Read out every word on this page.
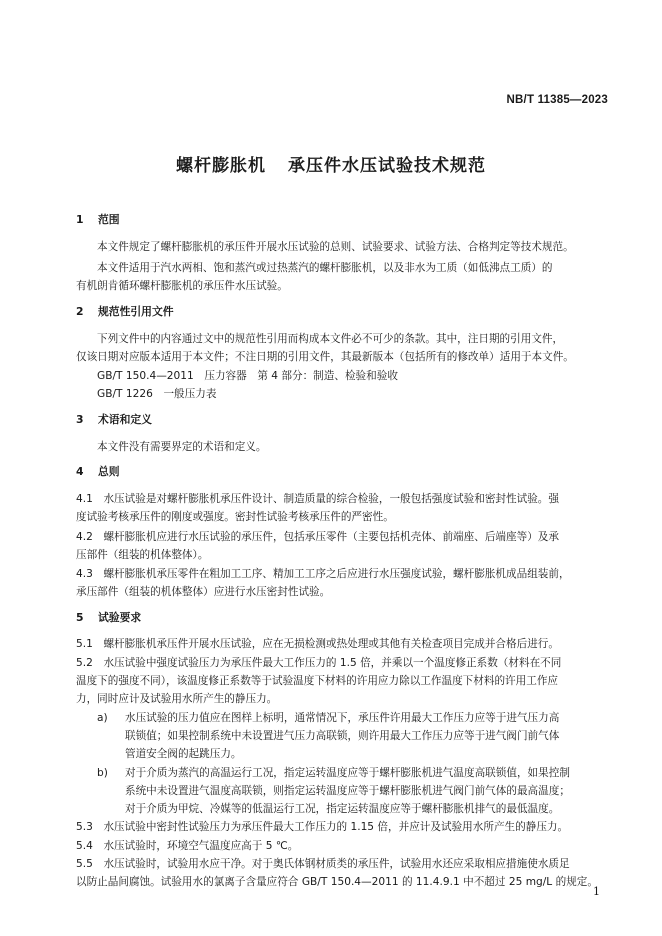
NB/T 11385—2023
螺杆膨胀机 承压件水压试验技术规范
1 范围
本文件规定了螺杆膨胀机的承压件开展水压试验的总则、试验要求、试验方法、合格判定等技术规范。
本文件适用于汽水两相、饱和蒸汽或过热蒸汽的螺杆膨胀机，以及非水为工质（如低沸点工质）的
有机朗肯循环螺杆膨胀机的承压件水压试验。
2 规范性引用文件
下列文件中的内容通过文中的规范性引用而构成本文件必不可少的条款。其中，注日期的引用文件，
仅该日期对应版本适用于本文件；不注日期的引用文件，其最新版本（包括所有的修改单）适用于本文件。
GB/T 150.4—2011　压力容器　第 4 部分：制造、检验和验收
GB/T 1226　一般压力表
3 术语和定义
本文件没有需要界定的术语和定义。
4 总则
4.1　水压试验是对螺杆膨胀机承压件设计、制造质量的综合检验，一般包括强度试验和密封性试验。强
度试验考核承压件的刚度或强度。密封性试验考核承压件的严密性。
4.2　螺杆膨胀机应进行水压试验的承压件，包括承压零件（主要包括机壳体、前端座、后端座等）及承
压部件（组装的机体整体）。
4.3　螺杆膨胀机承压零件在粗加工工序、精加工工序之后应进行水压强度试验，螺杆膨胀机成品组装前，
承压部件（组装的机体整体）应进行水压密封性试验。
5 试验要求
5.1　螺杆膨胀机承压件开展水压试验，应在无损检测或热处理或其他有关检查项目完成并合格后进行。
5.2　水压试验中强度试验压力为承压件最大工作压力的 1.5 倍，并乘以一个温度修正系数（材料在不同
温度下的强度不同），该温度修正系数等于试验温度下材料的许用应力除以工作温度下材料的许用工作应
力，同时应计及试验用水所产生的静压力。
a) 水压试验的压力值应在图样上标明，通常情况下，承压件许用最大工作压力应等于进气压力高
联锁值；如果控制系统中未设置进气压力高联锁，则许用最大工作压力应等于进气阀门前气体
管道安全阀的起跳压力。
b) 对于介质为蒸汽的高温运行工况，指定运转温度应等于螺杆膨胀机进气温度高联锁值，如果控制
系统中未设置进气温度高联锁，则指定运转温度应等于螺杆膨胀机进气阀门前气体的最高温度；
对于介质为甲烷、冷媒等的低温运行工况，指定运转温度应等于螺杆膨胀机排气的最低温度。
5.3　水压试验中密封性试验压力为承压件最大工作压力的 1.15 倍，并应计及试验用水所产生的静压力。
5.4　水压试验时，环境空气温度应高于 5 ℃。
5.5　水压试验时，试验用水应干净。对于奥氏体钢材质类的承压件，试验用水还应采取相应措施使水质足
以防止晶间腐蚀。试验用水的氯离子含量应符合 GB/T 150.4—2011 的 11.4.9.1 中不超过 25 mg/L 的规定。
1
